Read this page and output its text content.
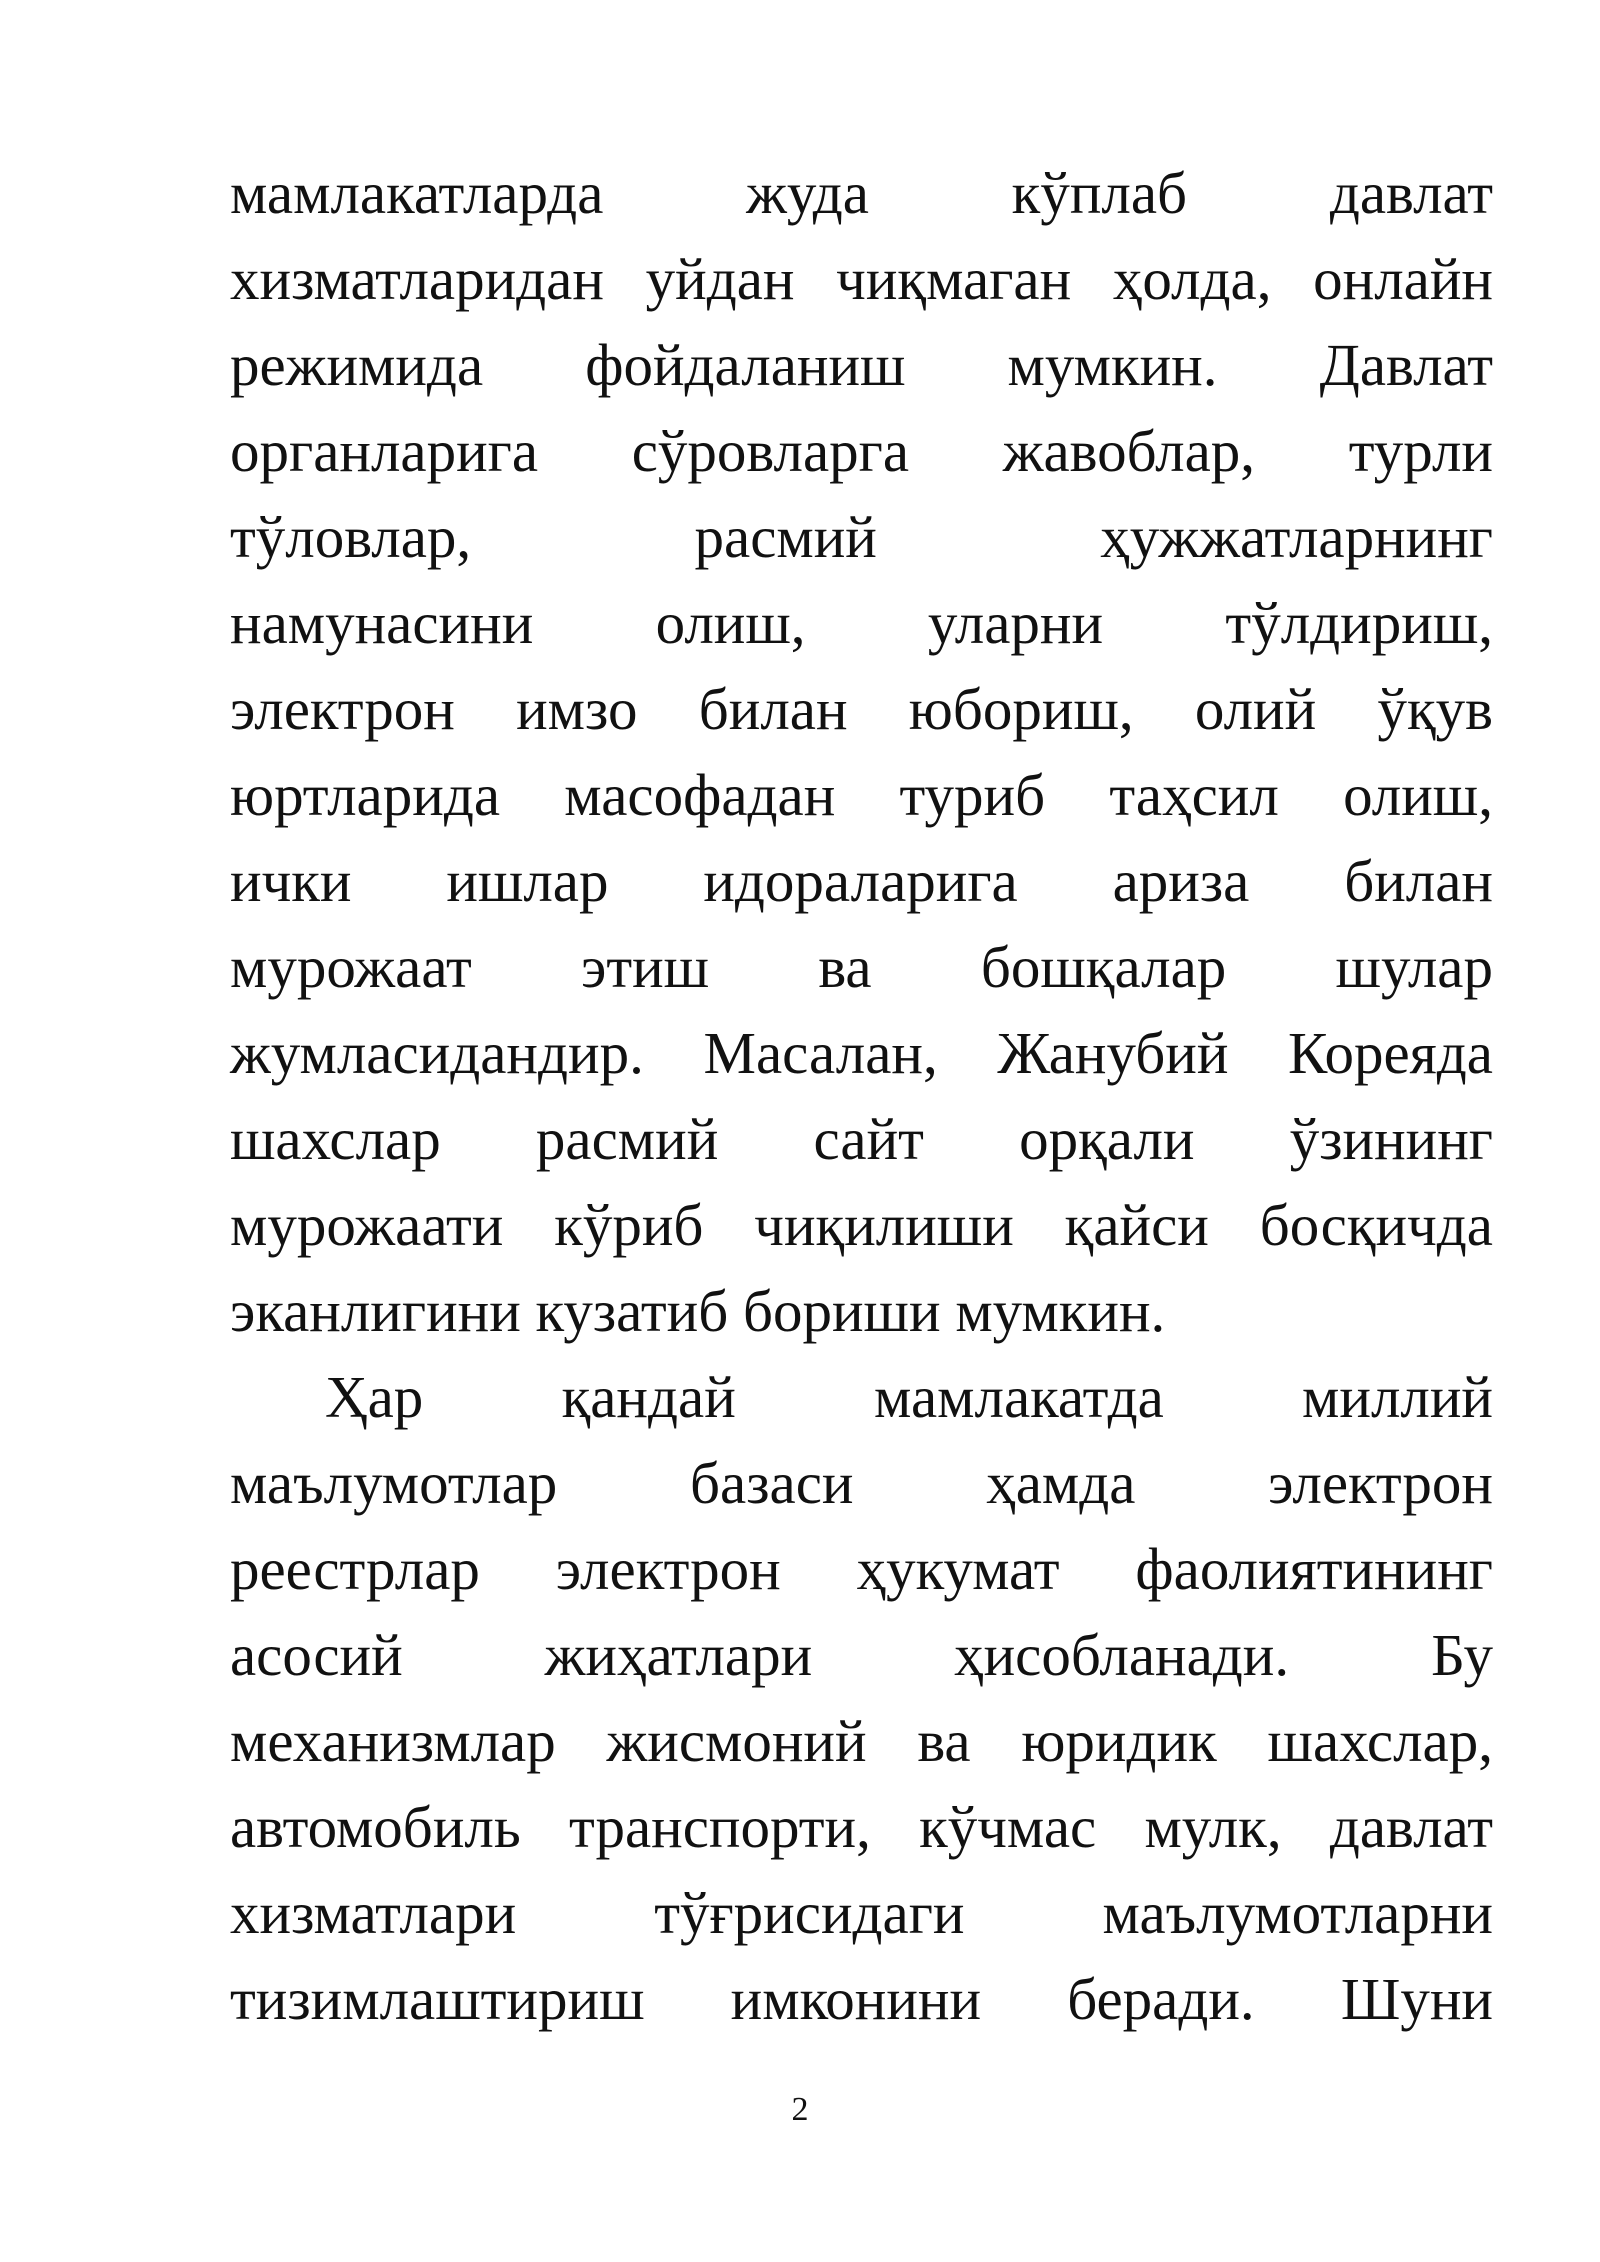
мамлакатларда жуда кўплаб давлат
хизматларидан уйдан чиқмаган ҳолда, онлайн
режимида фойдаланиш мумкин. Давлат
органларига сўровларга жавоблар, турли
тўловлар, расмий ҳужжатларнинг
намунасини олиш, уларни тўлдириш,
электрон имзо билан юбориш, олий ўқув
юртларида масофадан туриб таҳсил олиш,
ички ишлар идораларига ариза билан
мурожаат этиш ва бошқалар шулар
жумласидандир. Масалан, Жанубий Кореяда
шахслар расмий сайт орқали ўзининг
мурожаати кўриб чиқилиши қайси босқичда
эканлигини кузатиб бориши мумкин.
Ҳар қандай мамлакатда миллий
маълумотлар базаси ҳамда электрон
реестрлар электрон ҳукумат фаолиятининг
асосий жиҳатлари ҳисобланади. Бу
механизмлар жисмоний ва юридик шахслар,
автомобиль транспорти, кўчмас мулк, давлат
хизматлари тўғрисидаги маълумотларни
тизимлаштириш имконини беради. Шуни
2
